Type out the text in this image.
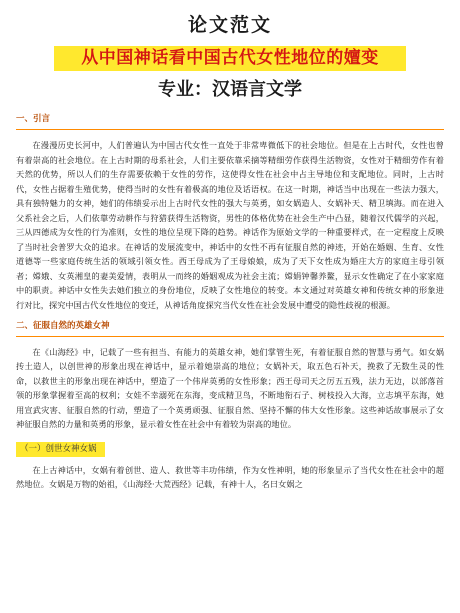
论文范文
从中国神话看中国古代女性地位的嬗变
专业：汉语言文学
一、引言

在漫漫历史长河中，人们普遍认为中国古代女性一直处于非常卑微低下的社会地位。但是在上古时代，女性也曾有着崇高的社会地位。在上古时期的母系社会，人们主要依靠采摘等精细劳作获得生活物资，女性对于精细劳作有着天然的优势，所以人们的生存需要依赖于女性的劳作，这使得女性在社会中占主导地位和支配地位。同时，上古时代，女性占据着生殖优势，使得当时的女性有着极高的地位及话语权。在这一时期，神话当中出现在一些法力强大，具有独特魅力的女神，她们的伟绩妥示出上古时代女性的强大与英勇，如女娲造人、女娲补天、精卫填海。而在进入父系社会之后，人们依靠劳动耕作与狩猎获得生活物资，男性的体格优势在社会生产中凸显，随着汉代儒学的兴起，三从四德成为女性的行为准则，女性的地位呈现下降的趋势。神话作为原始文学的一种重要样式，在一定程度上反映了当时社会普罗大众的追求。在神话的发展流变中，神话中的女性不再有征服自然的神迹，开始在婚姻、生育、女性道德等一些家庭传统生活的领域引领女性。西王母成为了王母娘娘，成为了天下女性成为婚庄大方的家庭主母引领者；嫦娥、女英湘皇的妻美爱情，表明从一而终的婚姻观成为社会主流；嫦娟钟馨养鳌，显示女性确定了在小家家庭中的职责。神话中女性失去她们独立的身份地位，反映了女性地位的转变。本文通过对英雄女神和传统女神的形象进行对比，探究中国古代女性地位的变迁，从神话角度探究当代女性在社会发展中遭受的隐性歧视的根源。

二、征服自然的英雄女神

在《山海经》中，记载了一些有担当、有能力的英雄女神，她们掌管生死，有着征服自然的智慧与勇气。如女娲抟土造人，以创世神的形象出现在神话中，显示着她崇高的地位；女娲补天，取五色石补天，挽救了无数生灵的性命，以救世主的形象出现在神话中，塑造了一个伟岸英勇的女性形象；西王母司天之厉五五残，法力无边，以部落首领的形象掌握着至高的权利；女娃不幸溺死在东海，变成精卫鸟，不断地衔石子、树枝投入大海，立志填平东海，她用宣武灾害、征服自然的行动，塑造了一个英勇顽强、征服自然、坚持不懈的伟大女性形象。这些神话故事展示了女神征服自然的力量和英勇的形象，显示着女性在社会中有着较为崇高的地位。

（一）创世女神女娲

在上古神话中，女娲有着创世、造人、救世等丰功伟绩，作为女性神明，她的形象显示了当代女性在社会中的超然地位。女娲是万物的始祖，《山海经·大荒西经》记载，有神十人，名曰女娲之
